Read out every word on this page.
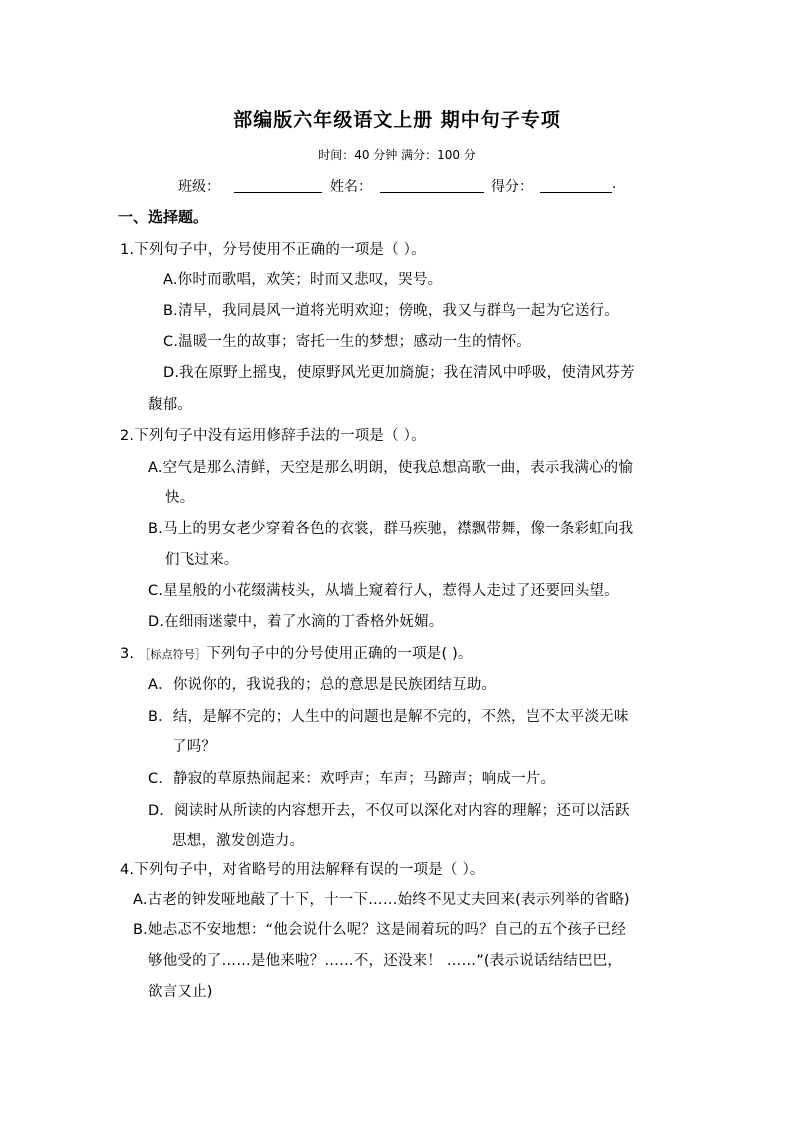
部编版六年级语文上册 期中句子专项
时间：40 分钟 满分：100 分
班级：	姓名：	得分：	.
一、选择题。
1.下列句子中，分号使用不正确的一项是（ ）。
A.你时而歌唱，欢笑；时而又悲叹，哭号。
B.清早，我同晨风一道将光明欢迎；傍晚，我又与群鸟一起为它送行。
C.温暖一生的故事；寄托一生的梦想；感动一生的情怀。
D.我在原野上摇曳，使原野风光更加旖旎；我在清风中呼吸，使清风芬芳
馥郁。
2.下列句子中没有运用修辞手法的一项是（ ）。
A.空气是那么清鲜，天空是那么明朗，使我总想高歌一曲，表示我满心的愉
快。
B.马上的男女老少穿着各色的衣裳，群马疾驰，襟飘带舞，像一条彩虹向我
们飞过来。
C.星星般的小花缀满枝头，从墙上窥着行人，惹得人走过了还要回头望。
D.在细雨迷蒙中，着了水滴的丁香格外妩媚。
3. ［标点符号］下列句子中的分号使用正确的一项是( )。
A．你说你的，我说我的；总的意思是民族团结互助。
B．结，是解不完的；人生中的问题也是解不完的，不然，岂不太平淡无味
了吗？
C．静寂的草原热闹起来：欢呼声；车声；马蹄声；响成一片。
D．阅读时从所读的内容想开去，不仅可以深化对内容的理解；还可以活跃
思想，激发创造力。
4.下列句子中，对省略号的用法解释有误的一项是（ ）。
A.古老的钟发哑地敲了十下，十一下……始终不见丈夫回来(表示列举的省略)
B.她忐忑不安地想：“他会说什么呢？这是闹着玩的吗？自己的五个孩子已经
够他受的了……是他来啦？……不，还没来！ ……”(表示说话结结巴巴，
欲言又止)
